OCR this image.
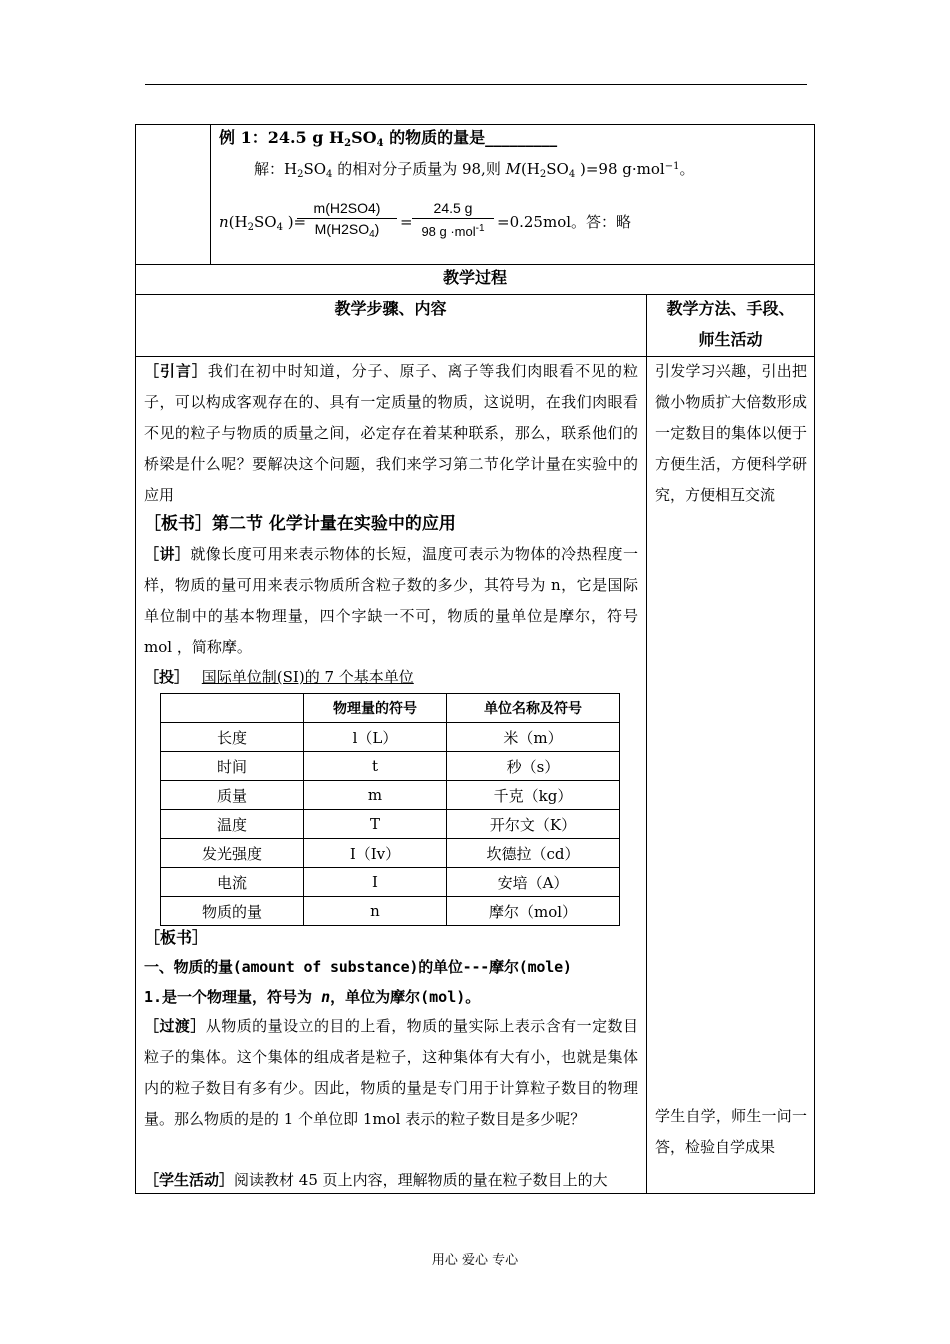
例 1：24.5 g $H_2SO_4$ 的物质的量是_________
解：$H_2SO_4$ 的相对分子质量为 98,则 $M(H_2SO_4$ )=98 g·mol$^{-1}$。
$n(H_2SO_4$ )=
m(H2SO4)
$M(H2SO_4)$	=
24.5 g
98 g ·mol$^{-1}$ =0.25mol。答：略
教学过程
教学步骤、内容	教学方法、手段、
师生活动
［引言］我们在初中时知道，分子、原子、离子等我们肉眼看不见的粒子，可以构成客观存在的、具有一定质量的物质，这说明，在我们肉眼看不见的粒子与物质的质量之间，必定存在着某种联系，那么，联系他们的桥梁是什么呢？要解决这个问题，我们来学习第二节化学计量在实验中的应用
［板书］第二节 化学计量在实验中的应用
［讲］就像长度可用来表示物体的长短，温度可表示为物体的冷热程度一样，物质的量可用来表示物质所含粒子数的多少，其符号为 n，它是国际单位制中的基本物理量，四个字缺一不可，物质的量单位是摩尔，符号 mol ，简称摩。
［投］ 国际单位制(SI)的 7 个基本单位
	物理量的符号	单位名称及符号
长度	l（L）	米（m）
时间	t	秒（s）
质量	m	千克（kg）
温度	T	开尔文（K）
发光强度	I（Iv）	坎德拉（cd）
电流	I	安培（A）
物质的量	n	摩尔（mol）
［板书］
一、物质的量(amount of substance)的单位---摩尔(mole)
1.是一个物理量，符号为 n，单位为摩尔(mol)。
［过渡］从物质的量设立的目的上看，物质的量实际上表示含有一定数目粒子的集体。这个集体的组成者是粒子，这种集体有大有小，也就是集体内的粒子数目有多有少。因此，物质的量是专门用于计算粒子数目的物理量。那么物质的是的 1 个单位即 1mol 表示的粒子数目是多少呢？
［学生活动］阅读教材 45 页上内容，理解物质的量在粒子数目上的大
引发学习兴趣，引出把微小物质扩大倍数形成一定数目的集体以便于方便生活，方便科学研究，方便相互交流
学生自学，师生一问一答，检验自学成果
用心 爱心 专心
